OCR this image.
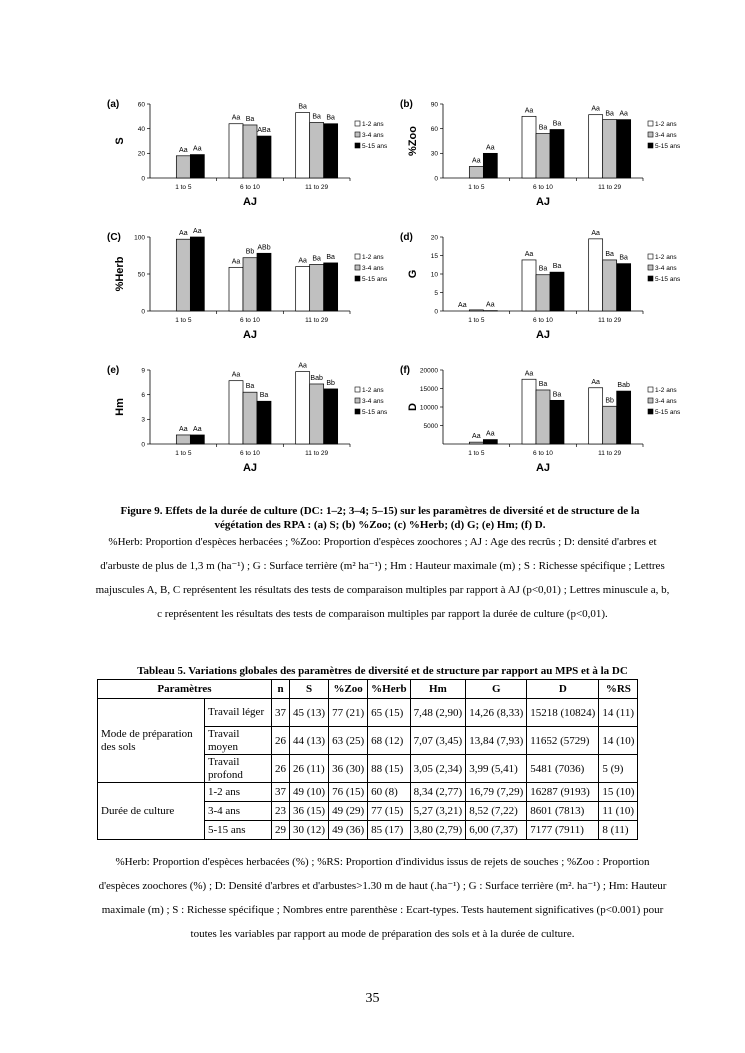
(a)
S
0
20
40
60
1 to 5
Aa Aa
6 to 10
Aa Ba
ABa
11 to 29
Ba
Ba Ba
AJ
1-2 ans
3-4 ans
5-15 ans
(b)
%Zoo
0
30
60
90
1 to 5
Aa
Aa
6 to 10
Aa
Ba
Ba
11 to 29
Aa
Ba Aa
AJ
1-2 ans
3-4 ans
5-15 ans
(C)
%Herb
0
50
100
1 to 5
Aa Aa
6 to 10
Aa
Bb
ABb
11 to 29
Aa Ba Ba
AJ
1-2 ans
3-4 ans
5-15 ans
(d)
G
0
5
10
15
20
1 to 5
Aa	Aa
6 to 10
Aa
Ba Ba
11 to 29
Aa
Ba
Ba
AJ
1-2 ans
3-4 ans
5-15 ans
(e)
Hm
0
3
6
9
1 to 5
Aa Aa
6 to 10
Aa
Ba
Ba
11 to 29
Aa
Bab
Bb
AJ
1-2 ans
3-4 ans
5-15 ans
(f)
D
5000
10000
15000
20000
1 to 5
Aa Aa
6 to 10
Aa
Ba
Ba
11 to 29
Aa
Bb
Bab
AJ
1-2 ans
3-4 ans
5-15 ans
Figure 9. Effets de la durée de culture (DC: 1–2; 3–4; 5–15) sur les paramètres de diversité et de structure de la végétation des RPA : (a) S; (b) %Zoo; (c) %Herb; (d) G; (e) Hm; (f) D.
%Herb: Proportion d'espèces herbacées ; %Zoo: Proportion d'espèces zoochores ; AJ : Age des recrûs ; D: densité d'arbres et d'arbuste de plus de 1,3 m (ha⁻¹) ; G : Surface terrière (m² ha⁻¹) ; Hm : Hauteur maximale (m) ; S : Richesse spécifique ; Lettres majuscules A, B, C représentent les résultats des tests de comparaison multiples par rapport à AJ (p<0,01) ; Lettres minuscule a, b, c représentent les résultats des tests de comparaison multiples par rapport la durée de culture (p<0,01).
Tableau 5. Variations globales des paramètres de diversité et de structure par rapport au MPS et à la DC
Paramètres		n	S	%Zoo	%Herb	Hm	G	D	%RS
Mode de préparation des sols	Travail léger	37	45 (13)	77 (21)	65 (15)	7,48 (2,90)	14,26 (8,33)	15218 (10824)	14 (11)
	Travail moyen	26	44 (13)	63 (25)	68 (12)	7,07 (3,45)	13,84 (7,93)	11652 (5729)	14 (10)
	Travail profond	26	26 (11)	36 (30)	88 (15)	3,05 (2,34)	3,99 (5,41)	5481 (7036)	5 (9)
Durée de culture	1-2 ans	37	49 (10)	76 (15)	60 (8)	8,34 (2,77)	16,79 (7,29)	16287 (9193)	15 (10)
	3-4 ans	23	36 (15)	49 (29)	77 (15)	5,27 (3,21)	8,52 (7,22)	8601 (7813)	11 (10)
	5-15 ans	29	30 (12)	49 (36)	85 (17)	3,80 (2,79)	6,00 (7,37)	7177 (7911)	8 (11)
%Herb: Proportion d'espèces herbacées (%) ; %RS: Proportion d'individus issus de rejets de souches ; %Zoo : Proportion d'espèces zoochores (%) ; D: Densité d'arbres et d'arbustes>1.30 m de haut (.ha⁻¹) ; G : Surface terrière (m². ha⁻¹) ; Hm: Hauteur maximale (m) ; S : Richesse spécifique ; Nombres entre parenthèse : Ecart-types. Tests hautement significatives (p<0.001) pour toutes les variables par rapport au mode de préparation des sols et à la durée de culture.
35
